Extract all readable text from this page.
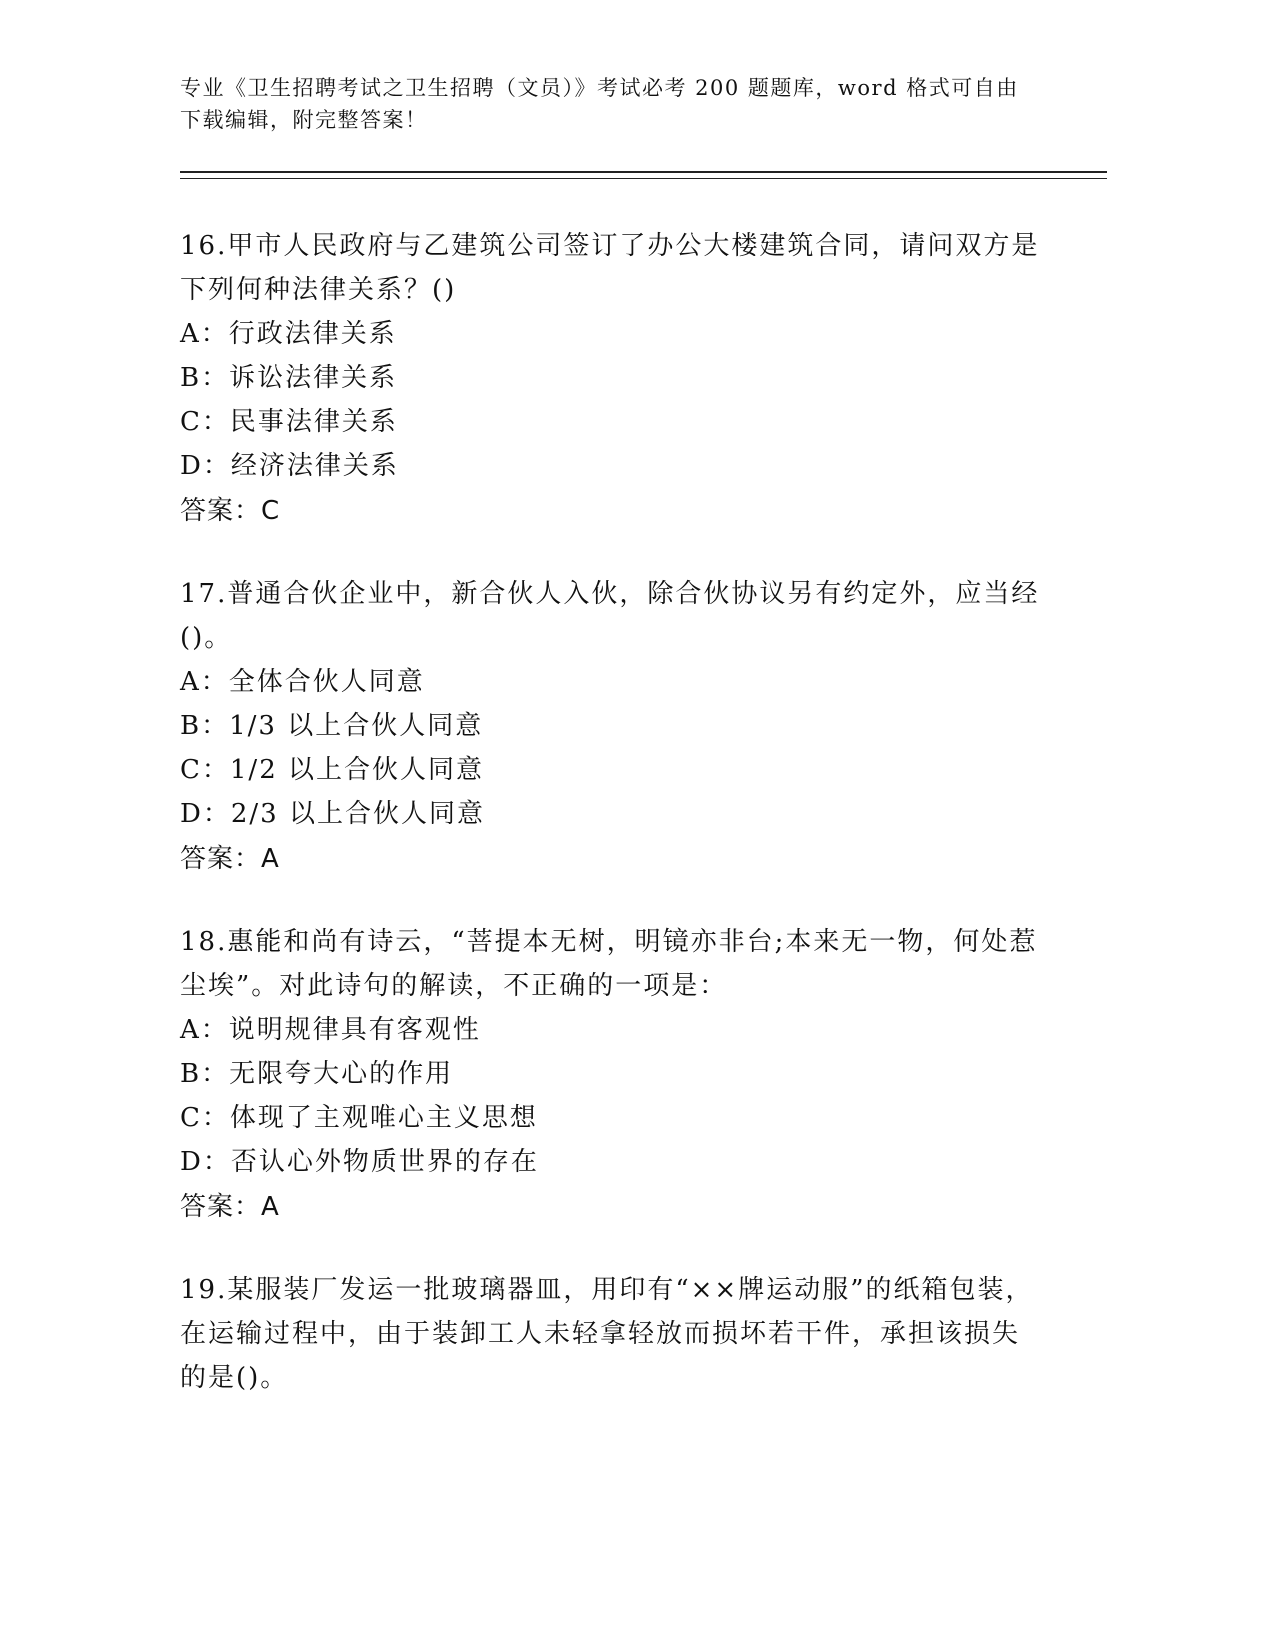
专业《卫生招聘考试之卫生招聘（文员）》考试必考 200 题题库，word 格式可自由下载编辑，附完整答案！

16.甲市人民政府与乙建筑公司签订了办公大楼建筑合同，请问双方是下列何种法律关系？()

A：行政法律关系

B：诉讼法律关系

C：民事法律关系

D：经济法律关系

答案：C

17.普通合伙企业中，新合伙人入伙，除合伙协议另有约定外，应当经()。

A：全体合伙人同意

B：1/3 以上合伙人同意

C：1/2 以上合伙人同意

D：2/3 以上合伙人同意

答案：A

18.惠能和尚有诗云，“菩提本无树，明镜亦非台;本来无一物，何处惹尘埃”。对此诗句的解读，不正确的一项是：

A：说明规律具有客观性

B：无限夸大心的作用

C：体现了主观唯心主义思想

D：否认心外物质世界的存在

答案：A

19.某服装厂发运一批玻璃器皿，用印有“××牌运动服”的纸箱包装，在运输过程中，由于装卸工人未轻拿轻放而损坏若干件，承担该损失的是()。
